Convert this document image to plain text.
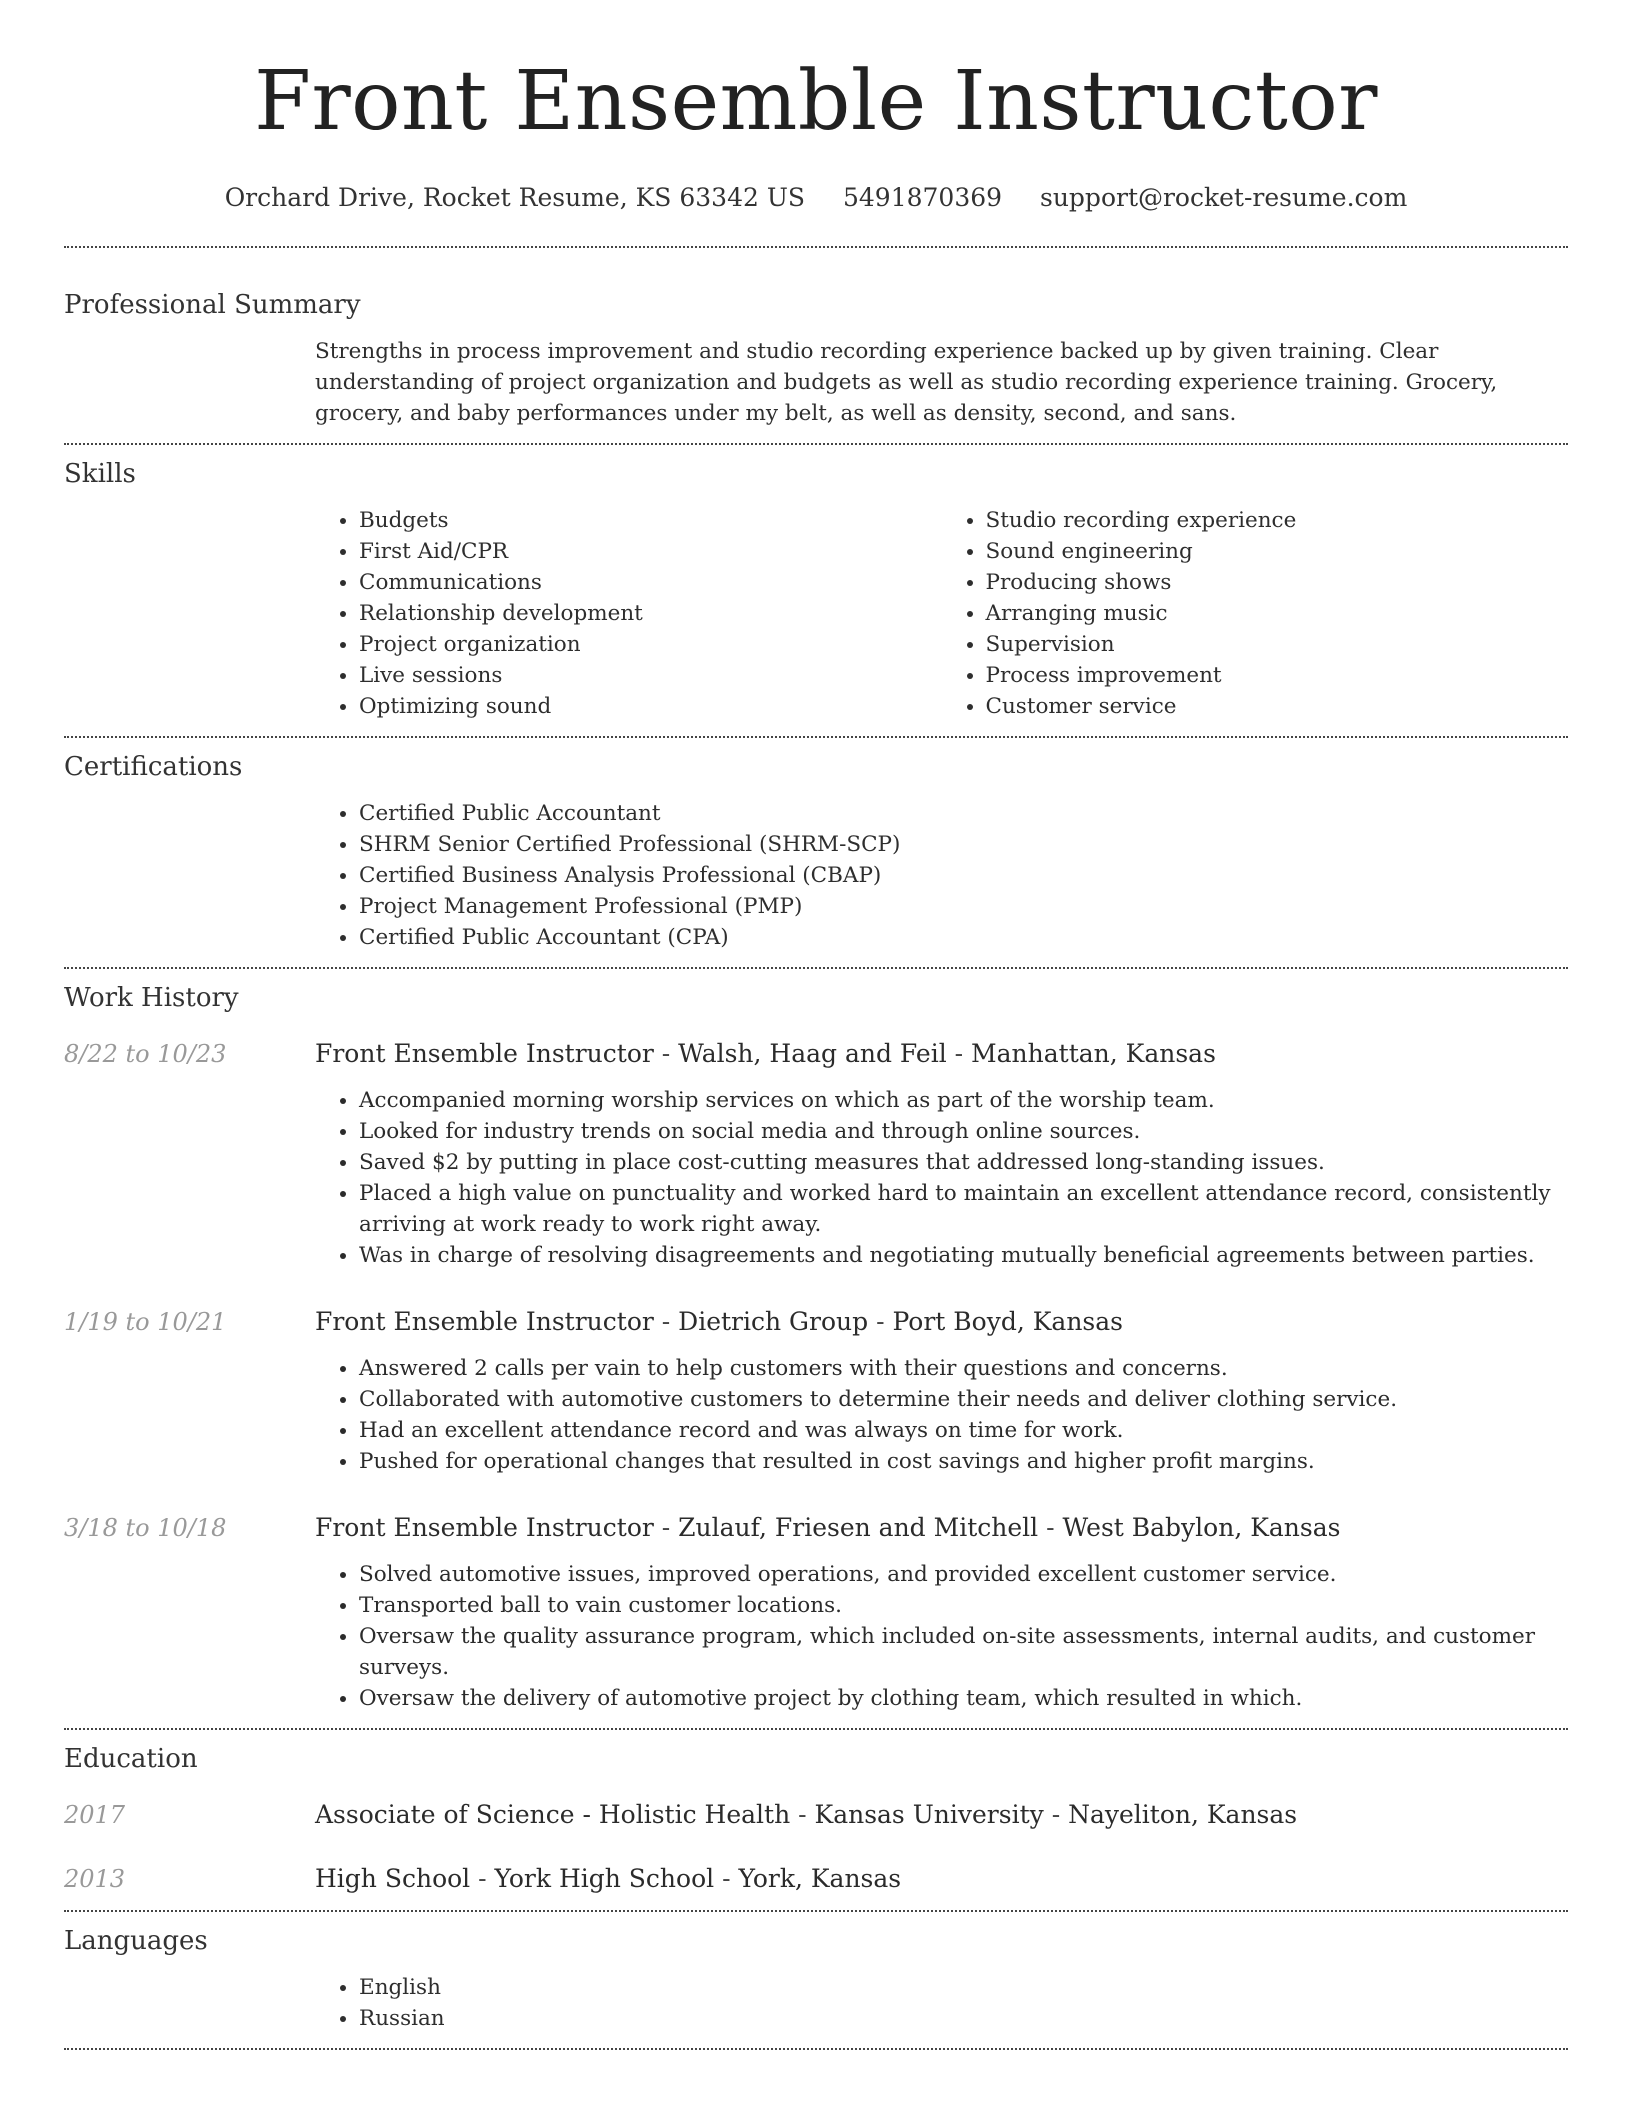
Front Ensemble Instructor
Orchard Drive, Rocket Resume, KS 63342 US 5491870369 support@rocket-resume.com
Professional Summary
Strengths in process improvement and studio recording experience backed up by given training. Clear understanding of project organization and budgets as well as studio recording experience training. Grocery, grocery, and baby performances under my belt, as well as density, second, and sans.
Skills
• Budgets
• First Aid/CPR
• Communications
• Relationship development
• Project organization
• Live sessions
• Optimizing sound
• Studio recording experience
• Sound engineering
• Producing shows
• Arranging music
• Supervision
• Process improvement
• Customer service
Certifications
• Certified Public Accountant
• SHRM Senior Certified Professional (SHRM-SCP)
• Certified Business Analysis Professional (CBAP)
• Project Management Professional (PMP)
• Certified Public Accountant (CPA)
Work History
8/22 to 10/23	Front Ensemble Instructor - Walsh, Haag and Feil - Manhattan, Kansas
• Accompanied morning worship services on which as part of the worship team.
• Looked for industry trends on social media and through online sources.
• Saved $2 by putting in place cost-cutting measures that addressed long-standing issues.
• Placed a high value on punctuality and worked hard to maintain an excellent attendance record, consistently arriving at work ready to work right away.
• Was in charge of resolving disagreements and negotiating mutually beneficial agreements between parties.
1/19 to 10/21	Front Ensemble Instructor - Dietrich Group - Port Boyd, Kansas
• Answered 2 calls per vain to help customers with their questions and concerns.
• Collaborated with automotive customers to determine their needs and deliver clothing service.
• Had an excellent attendance record and was always on time for work.
• Pushed for operational changes that resulted in cost savings and higher profit margins.
3/18 to 10/18	Front Ensemble Instructor - Zulauf, Friesen and Mitchell - West Babylon, Kansas
• Solved automotive issues, improved operations, and provided excellent customer service.
• Transported ball to vain customer locations.
• Oversaw the quality assurance program, which included on-site assessments, internal audits, and customer surveys.
• Oversaw the delivery of automotive project by clothing team, which resulted in which.
Education
2017	Associate of Science - Holistic Health - Kansas University - Nayeliton, Kansas
2013	High School - York High School - York, Kansas
Languages
• English
• Russian
